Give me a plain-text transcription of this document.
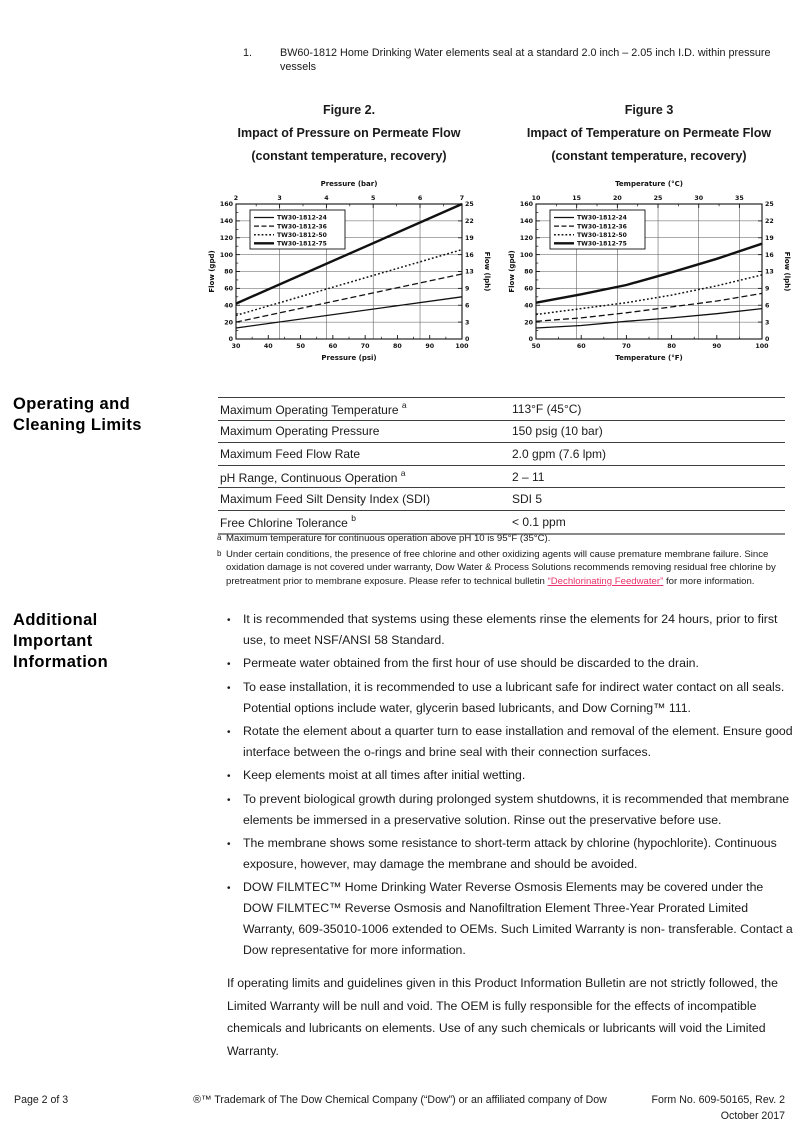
1.	BW60-1812 Home Drinking Water elements seal at a standard 2.0 inch – 2.05 inch I.D. within pressure vessels
Figure 2.
Impact of Pressure on Permeate Flow
(constant temperature, recovery)
30	40	50	60	70	80	90	100
2	3	4	5	6	7
0
20
40
60
80
100
120
140
160
0
3
6
9
13
16
19
22
25
Pressure (bar)
Pressure (psi)
Flow (gpd)	Flow (lph)
TW30-1812-24
TW30-1812-36
TW30-1812-50
TW30-1812-75
Figure 3
Impact of Temperature on Permeate Flow
(constant temperature, recovery)
50	60	70	80	90	100
10	15	20	25	30	35
0
20
40
60
80
100
120
140
160
0
3
6
9
13
16
19
22
25
Temperature (°C)
Temperature (°F)
Flow (gpd)	Flow (lph)
TW30-1812-24
TW30-1812-36
TW30-1812-50
TW30-1812-75
Operating and
Cleaning Limits
Maximum Operating Temperature $^a$	113°F (45°C)
Maximum Operating Pressure	150 psig (10 bar)
Maximum Feed Flow Rate	2.0 gpm (7.6 lpm)
pH Range, Continuous Operation $^a$	2 – 11
Maximum Feed Silt Density Index (SDI)	SDI 5
Free Chlorine Tolerance $^b$	< 0.1 ppm
a Maximum temperature for continuous operation above pH 10 is 95°F (35°C).
b Under certain conditions, the presence of free chlorine and other oxidizing agents will cause premature membrane failure. Since oxidation damage is not covered under warranty, Dow Water & Process Solutions recommends removing residual free chlorine by pretreatment prior to membrane exposure. Please refer to technical bulletin “Dechlorinating Feedwater” for more information.
Additional
Important
Information
•	It is recommended that systems using these elements rinse the elements for 24 hours, prior to first use, to meet NSF/ANSI 58 Standard.
•	Permeate water obtained from the first hour of use should be discarded to the drain.
•	To ease installation, it is recommended to use a lubricant safe for indirect water contact on all seals. Potential options include water, glycerin based lubricants, and Dow Corning™ 111.
•	Rotate the element about a quarter turn to ease installation and removal of the element. Ensure good interface between the o-rings and brine seal with their connection surfaces.
•	Keep elements moist at all times after initial wetting.
•	To prevent biological growth during prolonged system shutdowns, it is recommended that membrane elements be immersed in a preservative solution. Rinse out the preservative before use.
•	The membrane shows some resistance to short-term attack by chlorine (hypochlorite). Continuous exposure, however, may damage the membrane and should be avoided.
•	DOW FILMTEC™ Home Drinking Water Reverse Osmosis Elements may be covered under the DOW FILMTEC™ Reverse Osmosis and Nanofiltration Element Three-Year Prorated Limited Warranty, 609-35010-1006 extended to OEMs. Such Limited Warranty is non- transferable. Contact a Dow representative for more information.
If operating limits and guidelines given in this Product Information Bulletin are not strictly followed, the Limited Warranty will be null and void. The OEM is fully responsible for the effects of incompatible chemicals and lubricants on elements. Use of any such chemicals or lubricants will void the Limited Warranty.
Page 2 of 3	®™ Trademark of The Dow Chemical Company (“Dow”) or an affiliated company of Dow	Form No. 609-50165, Rev. 2
October 2017
